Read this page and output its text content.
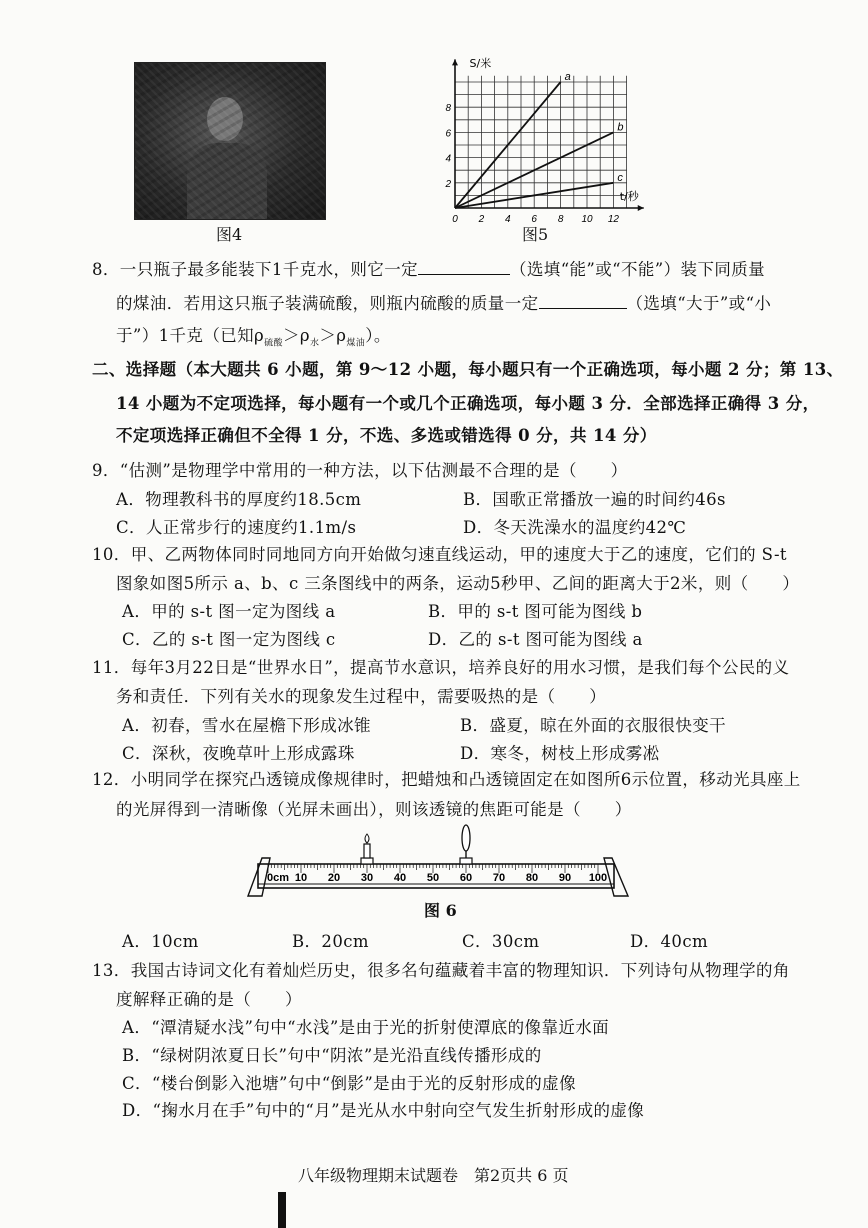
图4
0 2 4 6 8 10 12
2
4
6
8
S/米
t/秒
a
b
c
图5
8．一只瓶子最多能装下1千克水，则它一定	（选填“能”或“不能”）装下同质量
的煤油．若用这只瓶子装满硫酸，则瓶内硫酸的质量一定	（选填“大于”或“小
于”）1千克（已知$\rho_{硫酸}>\rho_水>\rho_{煤油}$）。
二、选择题（本大题共 6 小题，第 9～12 小题，每小题只有一个正确选项，每小题 2 分；第 13、
14 小题为不定项选择，每小题有一个或几个正确选项，每小题 3 分．全部选择正确得 3 分，
不定项选择正确但不全得 1 分，不选、多选或错选得 0 分，共 14 分）
9．“估测”是物理学中常用的一种方法，以下估测最不合理的是（　　）
A．物理教科书的厚度约18.5cm	B．国歌正常播放一遍的时间约46s
C．人正常步行的速度约1.1m/s	D．冬天洗澡水的温度约42℃
10．甲、乙两物体同时同地同方向开始做匀速直线运动，甲的速度大于乙的速度，它们的 S-t
图象如图5所示 a、b、c 三条图线中的两条，运动5秒甲、乙间的距离大于2米，则（　　）
A．甲的 s-t 图一定为图线 a	B．甲的 s-t 图可能为图线 b
C．乙的 s-t 图一定为图线 c	D．乙的 s-t 图可能为图线 a
11．每年3月22日是“世界水日”，提高节水意识，培养良好的用水习惯，是我们每个公民的义
务和责任．下列有关水的现象发生过程中，需要吸热的是（　　）
A．初春，雪水在屋檐下形成冰锥	B．盛夏，晾在外面的衣服很快变干
C．深秋，夜晚草叶上形成露珠	D．寒冬，树枝上形成雾凇
12．小明同学在探究凸透镜成像规律时，把蜡烛和凸透镜固定在如图所6示位置，移动光具座上
的光屏得到一清晰像（光屏未画出），则该透镜的焦距可能是（　　）
0cm 10 20 30 40 50 60 70 80 90 100
图 6
A．10cm	B．20cm	C．30cm	D．40cm
13．我国古诗词文化有着灿烂历史，很多名句蕴藏着丰富的物理知识．下列诗句从物理学的角
度解释正确的是（　　）
A．“潭清疑水浅”句中“水浅”是由于光的折射使潭底的像靠近水面
B．“绿树阴浓夏日长”句中“阴浓”是光沿直线传播形成的
C．“楼台倒影入池塘”句中“倒影”是由于光的反射形成的虚像
D．“掬水月在手”句中的“月”是光从水中射向空气发生折射形成的虚像
八年级物理期末试题卷　第2页共 6 页
